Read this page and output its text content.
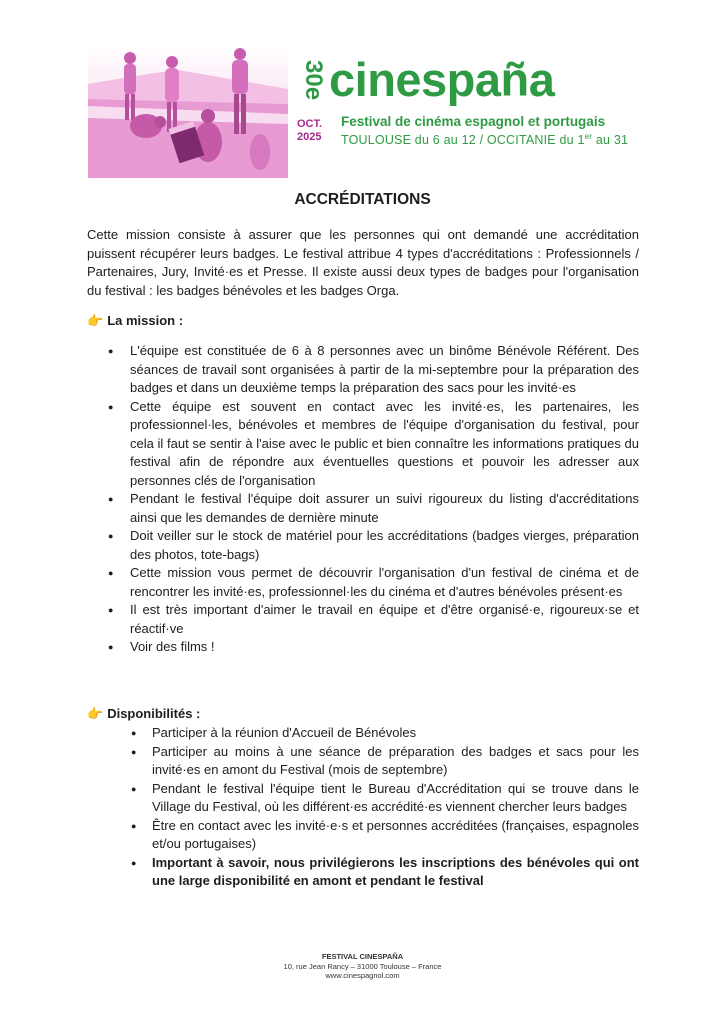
30e cinespaña
OCT.
2025
Festival de cinéma espagnol et portugais
TOULOUSE du 6 au 12 / OCCITANIE du 1er au 31
ACCRÉDITATIONS
Cette mission consiste à assurer que les personnes qui ont demandé une accréditation puissent récupérer leurs badges. Le festival attribue 4 types d'accréditations : Professionnels / Partenaires, Jury, Invité·es et Presse. Il existe aussi deux types de badges pour l'organisation du festival : les badges bénévoles et les badges Orga.
👉 La mission :
● L'équipe est constituée de 6 à 8 personnes avec un binôme Bénévole Référent. Des séances de travail sont organisées à partir de la mi-septembre pour la préparation des badges et dans un deuxième temps la préparation des sacs pour les invité·es
● Cette équipe est souvent en contact avec les invité·es, les partenaires, les professionnel·les, bénévoles et membres de l'équipe d'organisation du festival, pour cela il faut se sentir à l'aise avec le public et bien connaître les informations pratiques du festival afin de répondre aux éventuelles questions et pouvoir les adresser aux personnes clés de l'organisation
● Pendant le festival l'équipe doit assurer un suivi rigoureux du listing d'accréditations ainsi que les demandes de dernière minute
● Doit veiller sur le stock de matériel pour les accréditations (badges vierges, préparation des photos, tote-bags)
● Cette mission vous permet de découvrir l'organisation d'un festival de cinéma et de rencontrer les invité·es, professionnel·les du cinéma et d'autres bénévoles présent·es
● Il est très important d'aimer le travail en équipe et d'être organisé·e, rigoureux·se et réactif·ve
● Voir des films !
👉 Disponibilités :
● Participer à la réunion d'Accueil de Bénévoles
● Participer au moins à une séance de préparation des badges et sacs pour les invité·es en amont du Festival (mois de septembre)
● Pendant le festival l'équipe tient le Bureau d'Accréditation qui se trouve dans le Village du Festival, où les différent·es accrédité·es viennent chercher leurs badges
● Être en contact avec les invité·e·s et personnes accréditées (françaises, espagnoles et/ou portugaises)
● Important à savoir, nous privilégierons les inscriptions des bénévoles qui ont une large disponibilité en amont et pendant le festival
FESTIVAL CINESPAÑA
10, rue Jean Rancy – 31000 Toulouse – France
www.cinespagnol.com
